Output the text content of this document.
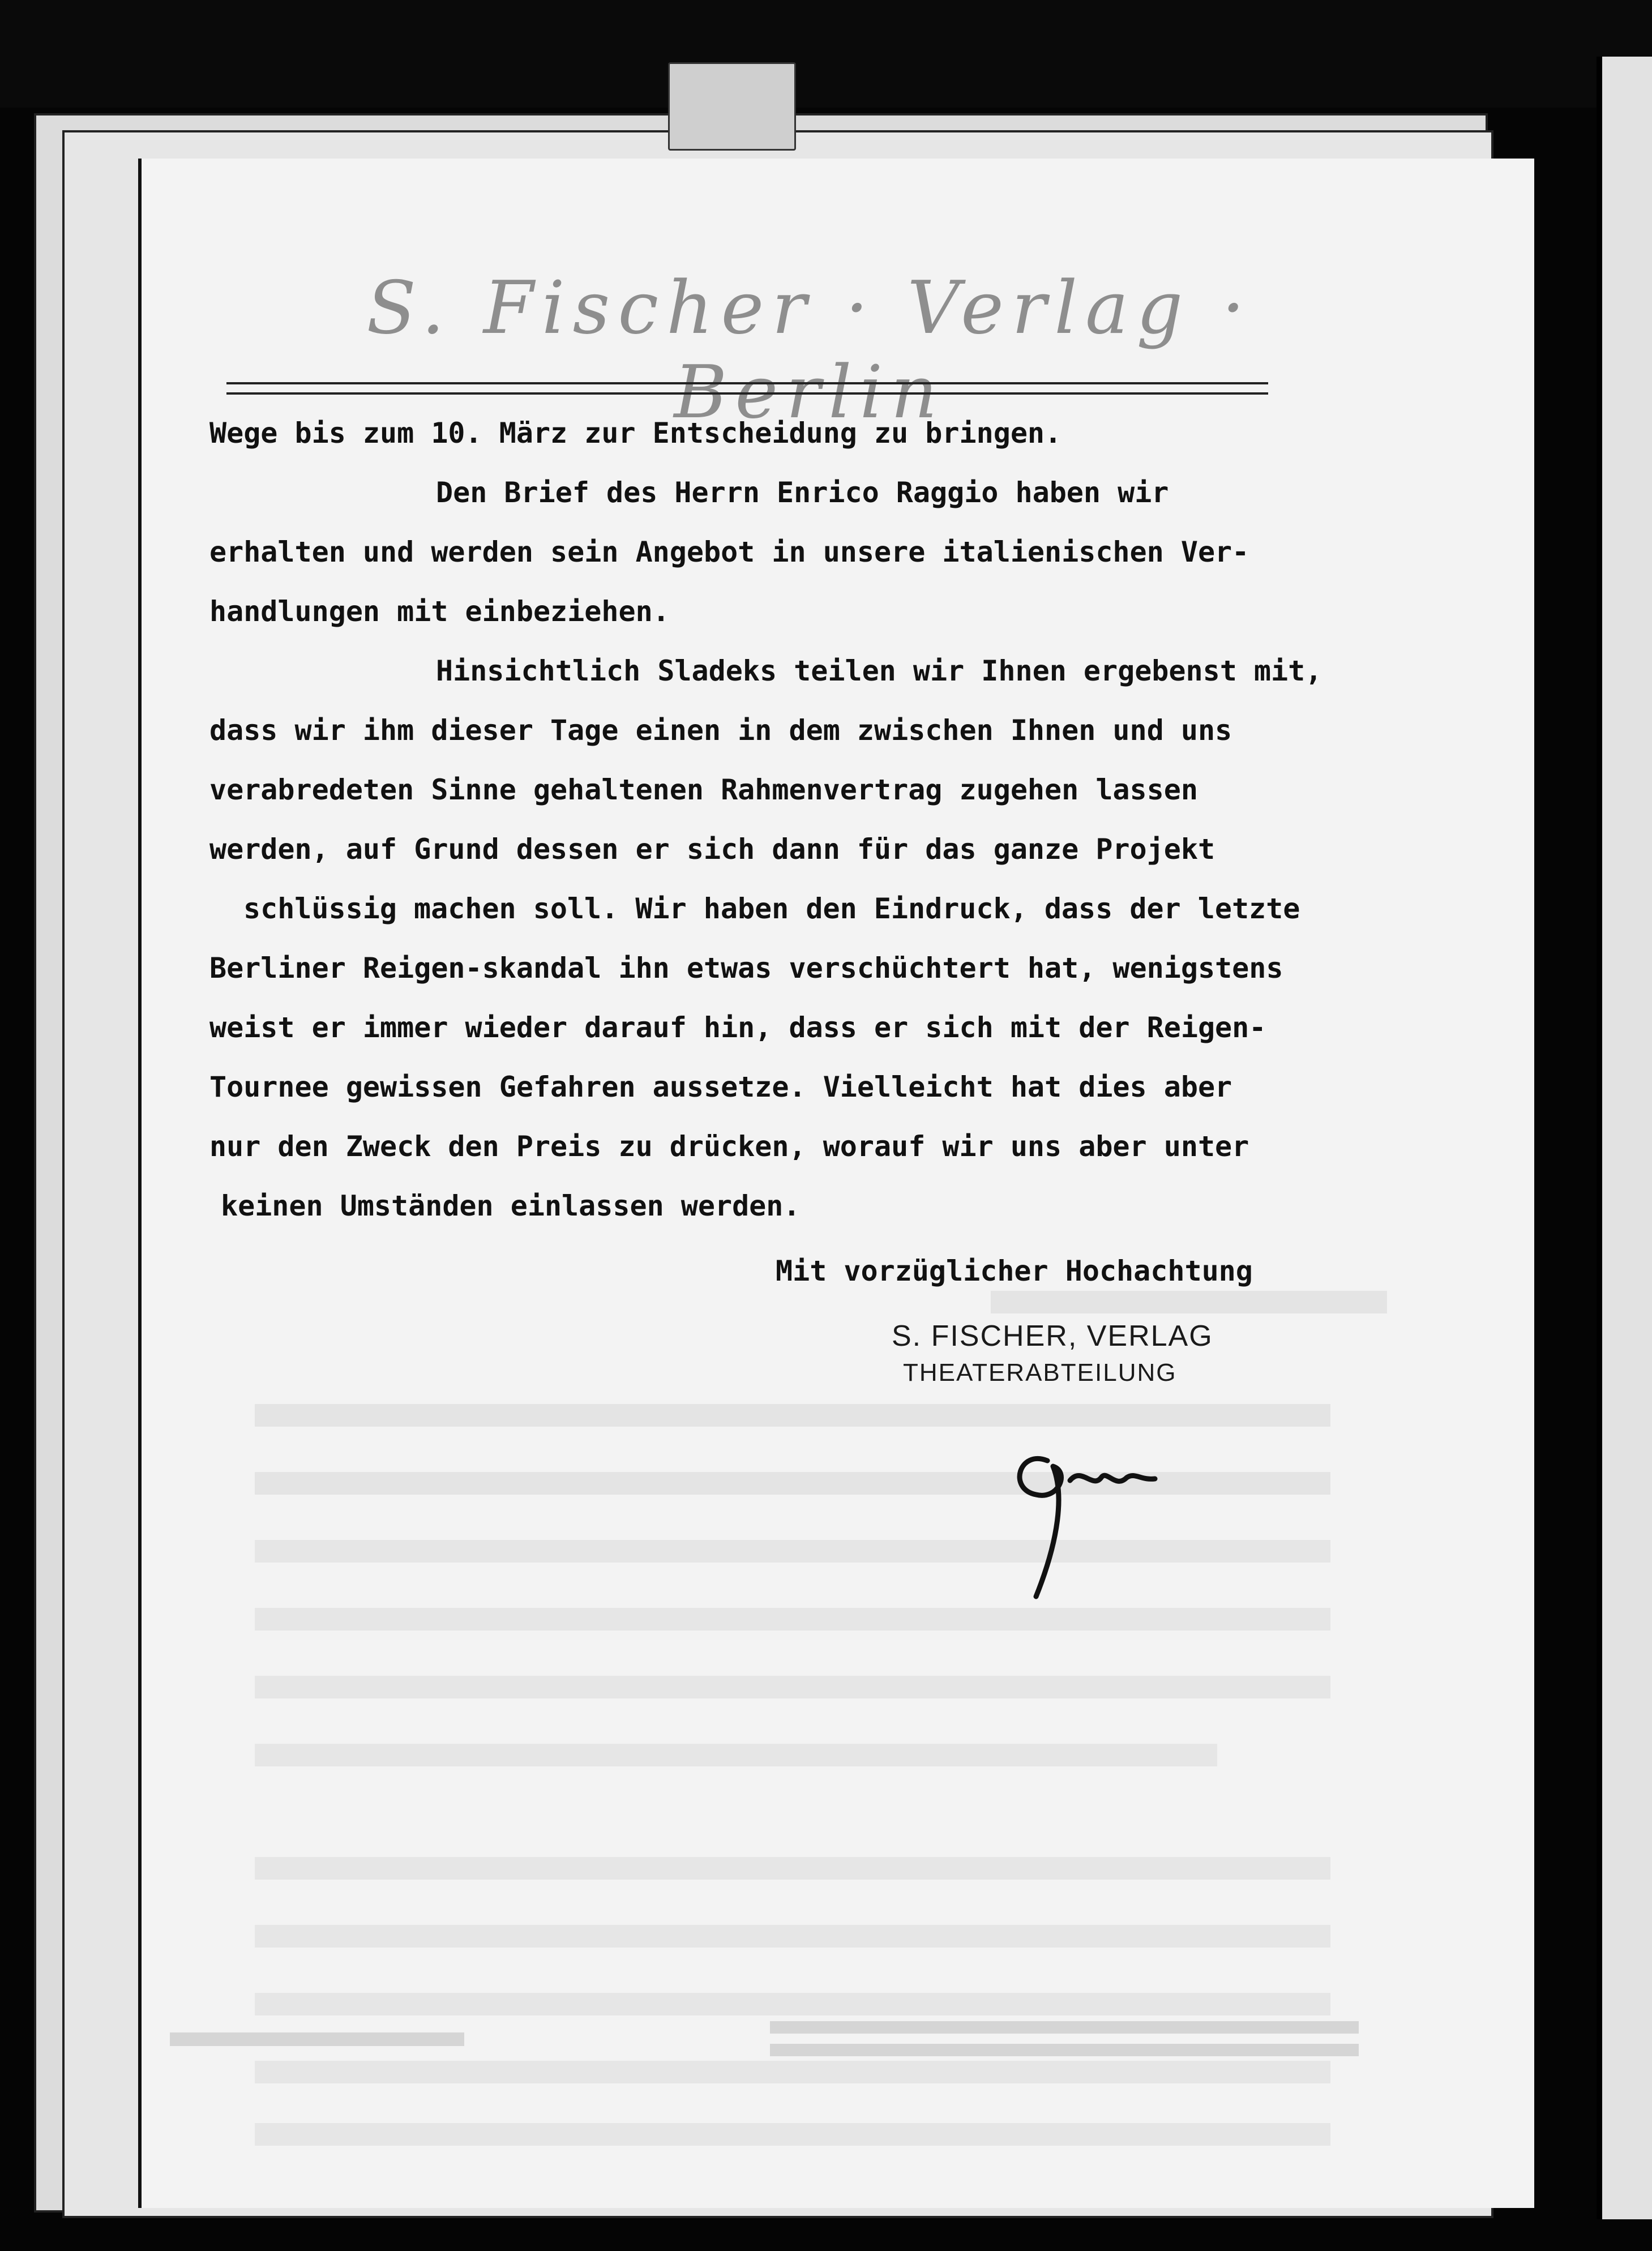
S. Fischer · Verlag · Berlin
Wege bis zum 10. März zur Entscheidung zu bringen.
Den Brief des Herrn Enrico Raggio haben wir
erhalten und werden sein Angebot in unsere italienischen Ver-
handlungen mit einbeziehen.
Hinsichtlich Sladeks teilen wir Ihnen ergebenst mit,
dass wir ihm dieser Tage einen in dem zwischen Ihnen und uns
verabredeten Sinne gehaltenen Rahmenvertrag zugehen lassen
werden, auf Grund dessen er sich dann für das ganze Projekt
schlüssig machen soll. Wir haben den Eindruck, dass der letzte
Berliner Reigen-skandal ihn etwas verschüchtert hat, wenigstens
weist er immer wieder darauf hin, dass er sich mit der Reigen-
Tournee gewissen Gefahren aussetze. Vielleicht hat dies aber
nur den Zweck den Preis zu drücken, worauf wir uns aber unter
keinen Umständen einlassen werden.
Mit vorzüglicher Hochachtung
S. FISCHER, VERLAG
THEATERABTEILUNG
